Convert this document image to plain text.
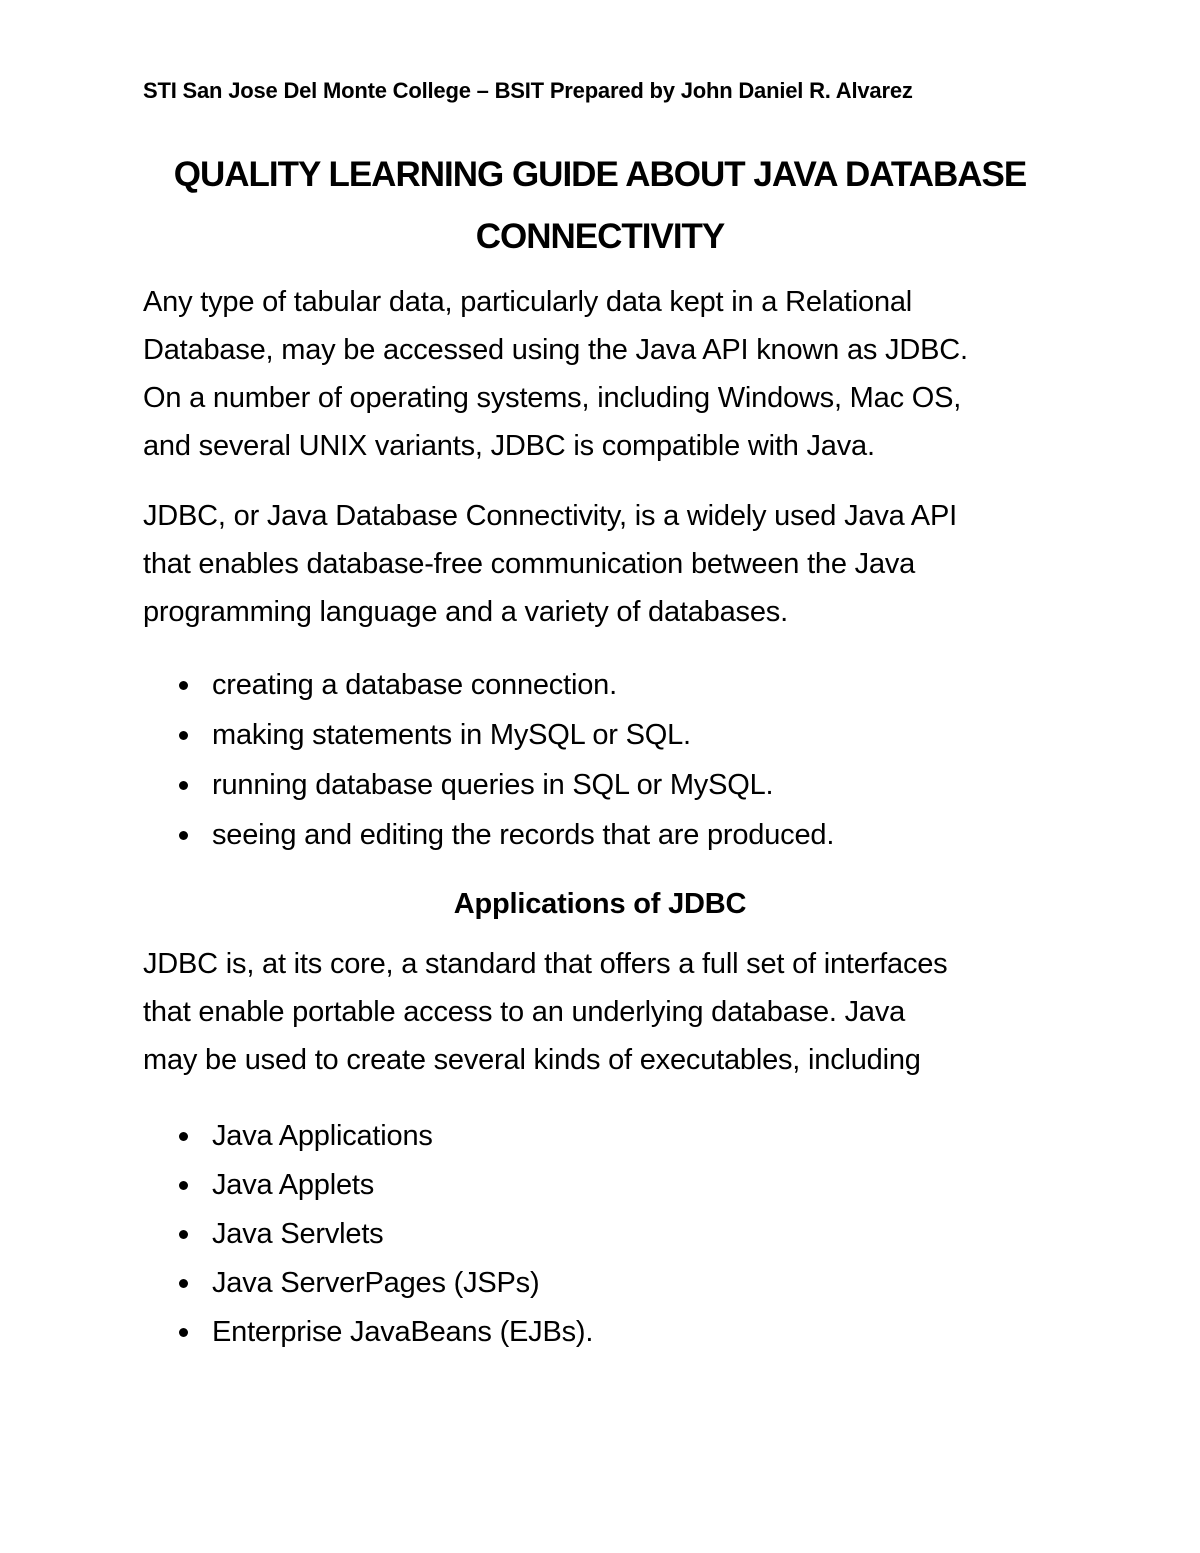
STI San Jose Del Monte College – BSIT Prepared by John Daniel R. Alvarez
QUALITY LEARNING GUIDE ABOUT JAVA DATABASE
CONNECTIVITY

Any type of tabular data, particularly data kept in a Relational
Database, may be accessed using the Java API known as JDBC.
On a number of operating systems, including Windows, Mac OS,
and several UNIX variants, JDBC is compatible with Java.

JDBC, or Java Database Connectivity, is a widely used Java API
that enables database-free communication between the Java
programming language and a variety of databases.

creating a database connection.
making statements in MySQL or SQL.
running database queries in SQL or MySQL.
seeing and editing the records that are produced.
Applications of JDBC

JDBC is, at its core, a standard that offers a full set of interfaces
that enable portable access to an underlying database. Java
may be used to create several kinds of executables, including

Java Applications
Java Applets
Java Servlets
Java ServerPages (JSPs)
Enterprise JavaBeans (EJBs).
